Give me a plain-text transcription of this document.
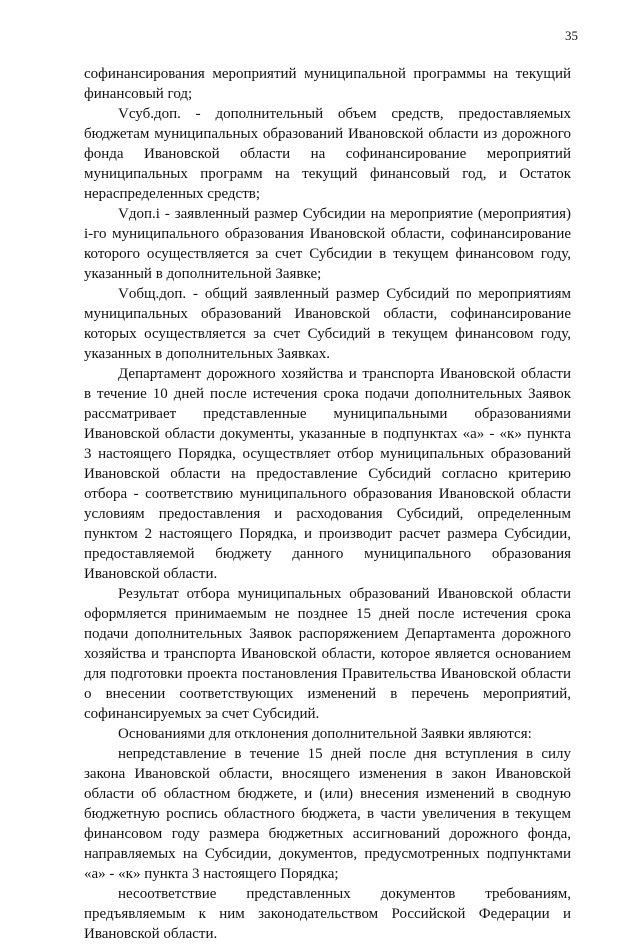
35
софинансирования мероприятий муниципальной программы на текущий
финансовый год;
Vсуб.доп. - дополнительный объем средств, предоставляемых
бюджетам муниципальных образований Ивановской области из дорожного
фонда Ивановской области на софинансирование мероприятий
муниципальных программ на текущий финансовый год, и Остаток
нераспределенных средств;
Vдоп.i - заявленный размер Субсидии на мероприятие (мероприятия)
i-го муниципального образования Ивановской области, софинансирование
которого осуществляется за счет Субсидии в текущем финансовом году,
указанный в дополнительной Заявке;
Vобщ.доп. - общий заявленный размер Субсидий по мероприятиям
муниципальных образований Ивановской области, софинансирование
которых осуществляется за счет Субсидий в текущем финансовом году,
указанных в дополнительных Заявках.
Департамент дорожного хозяйства и транспорта Ивановской области
в течение 10 дней после истечения срока подачи дополнительных Заявок
рассматривает представленные муниципальными образованиями
Ивановской области документы, указанные в подпунктах «а» - «к» пункта
3 настоящего Порядка, осуществляет отбор муниципальных образований
Ивановской области на предоставление Субсидий согласно критерию
отбора - соответствию муниципального образования Ивановской области
условиям предоставления и расходования Субсидий, определенным
пунктом 2 настоящего Порядка, и производит расчет размера Субсидии,
предоставляемой бюджету данного муниципального образования
Ивановской области.
Результат отбора муниципальных образований Ивановской области
оформляется принимаемым не позднее 15 дней после истечения срока
подачи дополнительных Заявок распоряжением Департамента дорожного
хозяйства и транспорта Ивановской области, которое является основанием
для подготовки проекта постановления Правительства Ивановской области
о внесении соответствующих изменений в перечень мероприятий,
софинансируемых за счет Субсидий.
Основаниями для отклонения дополнительной Заявки являются:
непредставление в течение 15 дней после дня вступления в силу
закона Ивановской области, вносящего изменения в закон Ивановской
области об областном бюджете, и (или) внесения изменений в сводную
бюджетную роспись областного бюджета, в части увеличения в текущем
финансовом году размера бюджетных ассигнований дорожного фонда,
направляемых на Субсидии, документов, предусмотренных подпунктами
«а» - «к» пункта 3 настоящего Порядка;
несоответствие представленных документов требованиям,
предъявляемым к ним законодательством Российской Федерации и
Ивановской области.
